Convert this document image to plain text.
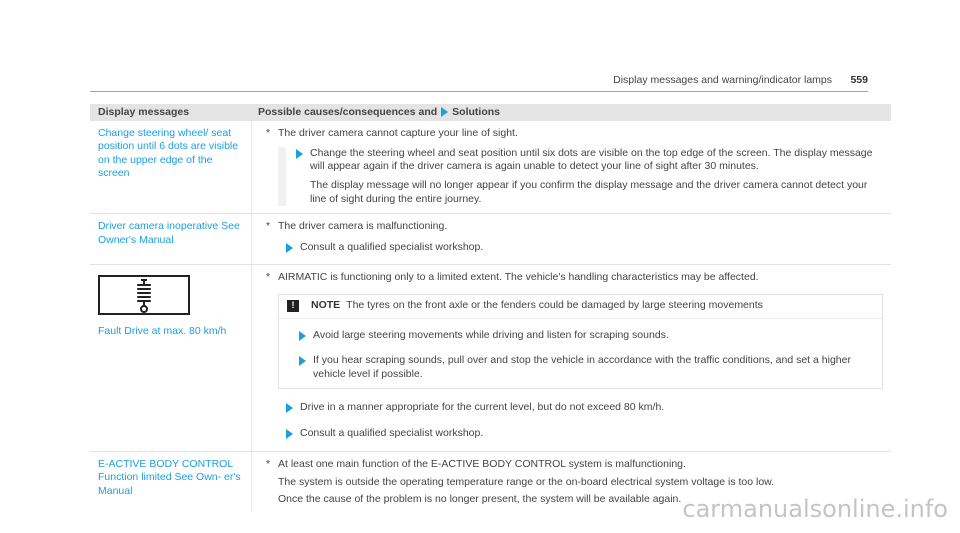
Display messages and warning/indicator lamps 559
Display messages	Possible causes/consequences and Solutions
Change steering wheel/ seat position until 6 dots are visible on the upper edge of the screen
* The driver camera cannot capture your line of sight.

Change the steering wheel and seat position until six dots are visible on the top edge of the screen. The display message will appear again if the driver camera is again unable to detect your line of sight after 30 minutes.

The display message will no longer appear if you confirm the display message and the driver camera cannot detect your line of sight during the entire journey.

Driver camera inoperative See Owner's Manual
* The driver camera is malfunctioning.
Consult a qualified specialist workshop.
Fault Drive at max. 80 km/h
* AIRMATIC is functioning only to a limited extent. The vehicle's handling characteristics may be affected.
!	NOTE The tyres on the front axle or the fenders could be damaged by large steering movements
Avoid large steering movements while driving and listen for scraping sounds.
If you hear scraping sounds, pull over and stop the vehicle in accordance with the traffic conditions, and set a higher vehicle level if possible.
Drive in a manner appropriate for the current level, but do not exceed 80 km/h.
Consult a qualified specialist workshop.
E-ACTIVE BODY CONTROL Function limited See Own- er's Manual
* At least one main function of the E-ACTIVE BODY CONTROL system is malfunctioning.
The system is outside the operating temperature range or the on-board electrical system voltage is too low.
Once the cause of the problem is no longer present, the system will be available again. carmanualsonline.info
